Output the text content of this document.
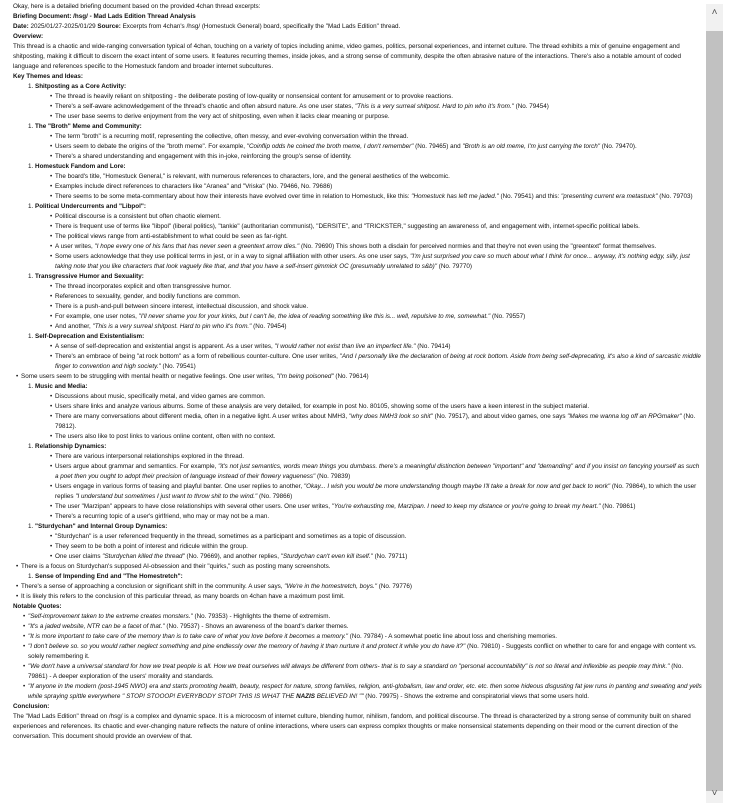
Okay, here is a detailed briefing document based on the provided 4chan thread excerpts:

Briefing Document: /hsg/ - Mad Lads Edition Thread Analysis

Date: 2025/01/27-2025/01/29 Source: Excerpts from 4chan's /hsg/ (Homestuck General) board, specifically the "Mad Lads Edition" thread.

Overview:

This thread is a chaotic and wide-ranging conversation typical of 4chan, touching on a variety of topics including anime, video games, politics, personal experiences, and internet culture. The thread exhibits a mix of genuine engagement and shitposting, making it difficult to discern the exact intent of some users. It features recurring themes, inside jokes, and a strong sense of community, despite the often abrasive nature of the interactions. There's also a notable amount of coded language and references specific to the Homestuck fandom and broader internet subcultures.

Key Themes and Ideas:

1. Shitposting as a Core Activity:

• The thread is heavily reliant on shitposting - the deliberate posting of low-quality or nonsensical content for amusement or to provoke reactions.
• There's a self-aware acknowledgement of the thread's chaotic and often absurd nature. As one user states, "This is a very surreal shitpost. Hard to pin who it's from." (No. 79454)
• The user base seems to derive enjoyment from the very act of shitposting, even when it lacks clear meaning or purpose.

1. The "Broth" Meme and Community:

• The term "broth" is a recurring motif, representing the collective, often messy, and ever-evolving conversation within the thread.
• Users seem to debate the origins of the "broth meme". For example, "Coinflip odds he coined the broth meme, I don't remember" (No. 79465) and "Broth is an old meme, I'm just carrying the torch" (No. 79470).
• There's a shared understanding and engagement with this in-joke, reinforcing the group's sense of identity.

1. Homestuck Fandom and Lore:

• The board's title, "Homestuck General," is relevant, with numerous references to characters, lore, and the general aesthetics of the webcomic.
• Examples include direct references to characters like "Aranea" and "Vriska" (No. 79466, No. 79686)
• There seems to be some meta-commentary about how their interests have evolved over time in relation to Homestuck, like this: "Homestuck has left me jaded." (No. 79541) and this: "presenting current era metastuck" (No. 79703)

1. Political Undercurrents and "Libpol":

• Political discourse is a consistent but often chaotic element.
• There is frequent use of terms like "libpol" (liberal politics), "tankie" (authoritarian communist), "DERSITE", and "TRICKSTER," suggesting an awareness of, and engagement with, internet-specific political labels.
• The political views range from anti-establishment to what could be seen as far-right.
• A user writes, "I hope every one of his fans that has never seen a greentext arrow dies." (No. 79690) This shows both a disdain for perceived normies and that they're not even using the "greentext" format themselves.
• Some users acknowledge that they use political terms in jest, or in a way to signal affiliation with other users. As one user says, "I'm just surprised you care so much about what I think for once... anyway, it's nothing edgy, silly, just taking note that you like characters that look vaguely like that, and that you have a self-insert gimmick OC (presumably unrelated to s&b)" (No. 79770)

1. Transgressive Humor and Sexuality:

• The thread incorporates explicit and often transgressive humor.
• References to sexuality, gender, and bodily functions are common.
• There is a push-and-pull between sincere interest, intellectual discussion, and shock value.
• For example, one user notes, "I'll never shame you for your kinks, but I can't lie, the idea of reading something like this is... well, repulsive to me, somewhat." (No. 79557)
• And another, "This is a very surreal shitpost. Hard to pin who it's from." (No. 79454)

1. Self-Deprecation and Existentialism:

• A sense of self-deprecation and existential angst is apparent. As a user writes, "I would rather not exist than live an imperfect life." (No. 79414)
• There's an embrace of being "at rock bottom" as a form of rebellious counter-culture. One user writes, "And I personally like the declaration of being at rock bottom. Aside from being self-deprecating, it's also a kind of sarcastic middle finger to convention and high society." (No. 79541)
• Some users seem to be struggling with mental health or negative feelings. One user writes, "I'm being poisoned" (No. 79614)

1. Music and Media:

• Discussions about music, specifically metal, and video games are common.
• Users share links and analyze various albums. Some of these analysis are very detailed, for example in post No. 80105, showing some of the users have a keen interest in the subject material.
• There are many conversations about different media, often in a negative light. A user writes about NMH3, "why does NMH3 look so shit" (No. 79517), and about video games, one says "Makes me wanna log off an RPGmaker" (No. 79812).
• The users also like to post links to various online content, often with no context.

1. Relationship Dynamics:

• There are various interpersonal relationships explored in the thread.
• Users argue about grammar and semantics. For example, "it's not just semantics, words mean things you dumbass. there's a meaningful distinction between "important" and "demanding" and if you insist on fancying yourself as such a poet then you ought to adopt their precision of language instead of their flowery vagueness" (No. 79839)
• Users engage in various forms of teasing and playful banter. One user replies to another, "Okay... I wish you would be more understanding though maybe I'll take a break for now and get back to work" (No. 79864), to which the user replies "I understand but sometimes I just want to throw shit to the wind." (No. 79866)
• The user "Marzipan" appears to have close relationships with several other users. One user writes, "You're exhausting me, Marzipan. I need to keep my distance or you're going to break my heart." (No. 79861)
• There's a recurring topic of a user's girlfriend, who may or may not be a man.

1. "Sturdychan" and Internal Group Dynamics:

• "Sturdychan" is a user referenced frequently in the thread, sometimes as a participant and sometimes as a topic of discussion.
• They seem to be both a point of interest and ridicule within the group.
• One user claims "Sturdychan killed the thread" (No. 79669), and another replies, "Sturdychan can't even kill itself." (No. 79711)
• There is a focus on Sturdychan's supposed AI-obsession and their "quirks," such as posting many screenshots.

1. Sense of Impending End and "The Homestretch":

• There's a sense of approaching a conclusion or significant shift in the community. A user says, "We're in the homestretch, boys." (No. 79776)
• It is likely this refers to the conclusion of this particular thread, as many boards on 4chan have a maximum post limit.

Notable Quotes:

• "Self-improvement taken to the extreme creates monsters." (No. 79353) - Highlights the theme of extremism.
• "It's a jaded website, NTR can be a facet of that." (No. 79537) - Shows an awareness of the board's darker themes.
• "It is more important to take care of the memory than is to take care of what you love before it becomes a memory." (No. 79784) - A somewhat poetic line about loss and cherishing memories.
• "I don't believe so. so you would rather neglect something and pine endlessly over the memory of having it than nurture it and protect it while you do have it?" (No. 79810) - Suggests conflict on whether to care for and engage with content vs. solely remembering it.
• "We don't have a universal standard for how we treat people is all. How we treat ourselves will always be different from others- that is to say a standard on "personal accountability" is not so literal and inflexible as people may think." (No. 79861) - A deeper exploration of the users' morality and standards.
• "If anyone in the modern (post-1945 NWO) era and starts promoting health, beauty, respect for nature, strong families, religion, anti-globalism, law and order, etc. etc. then some hideous disgusting fat jew runs in panting and sweating and yells while spraying spittle everywhere " STOP! STOOOP! EVERYBODY STOP! THIS IS WHAT THE NAZIS BELIEVED IN! "" (No. 79975) - Shows the extreme and conspiratorial views that some users hold.

Conclusion:

The "Mad Lads Edition" thread on /hsg/ is a complex and dynamic space. It is a microcosm of internet culture, blending humor, nihilism, fandom, and political discourse. The thread is characterized by a strong sense of community built on shared experiences and references. Its chaotic and ever-changing nature reflects the nature of online interactions, where users can express complex thoughts or make nonsensical statements depending on their mood or the current direction of the conversation. This document should provide an overview of that.

˄
˅
